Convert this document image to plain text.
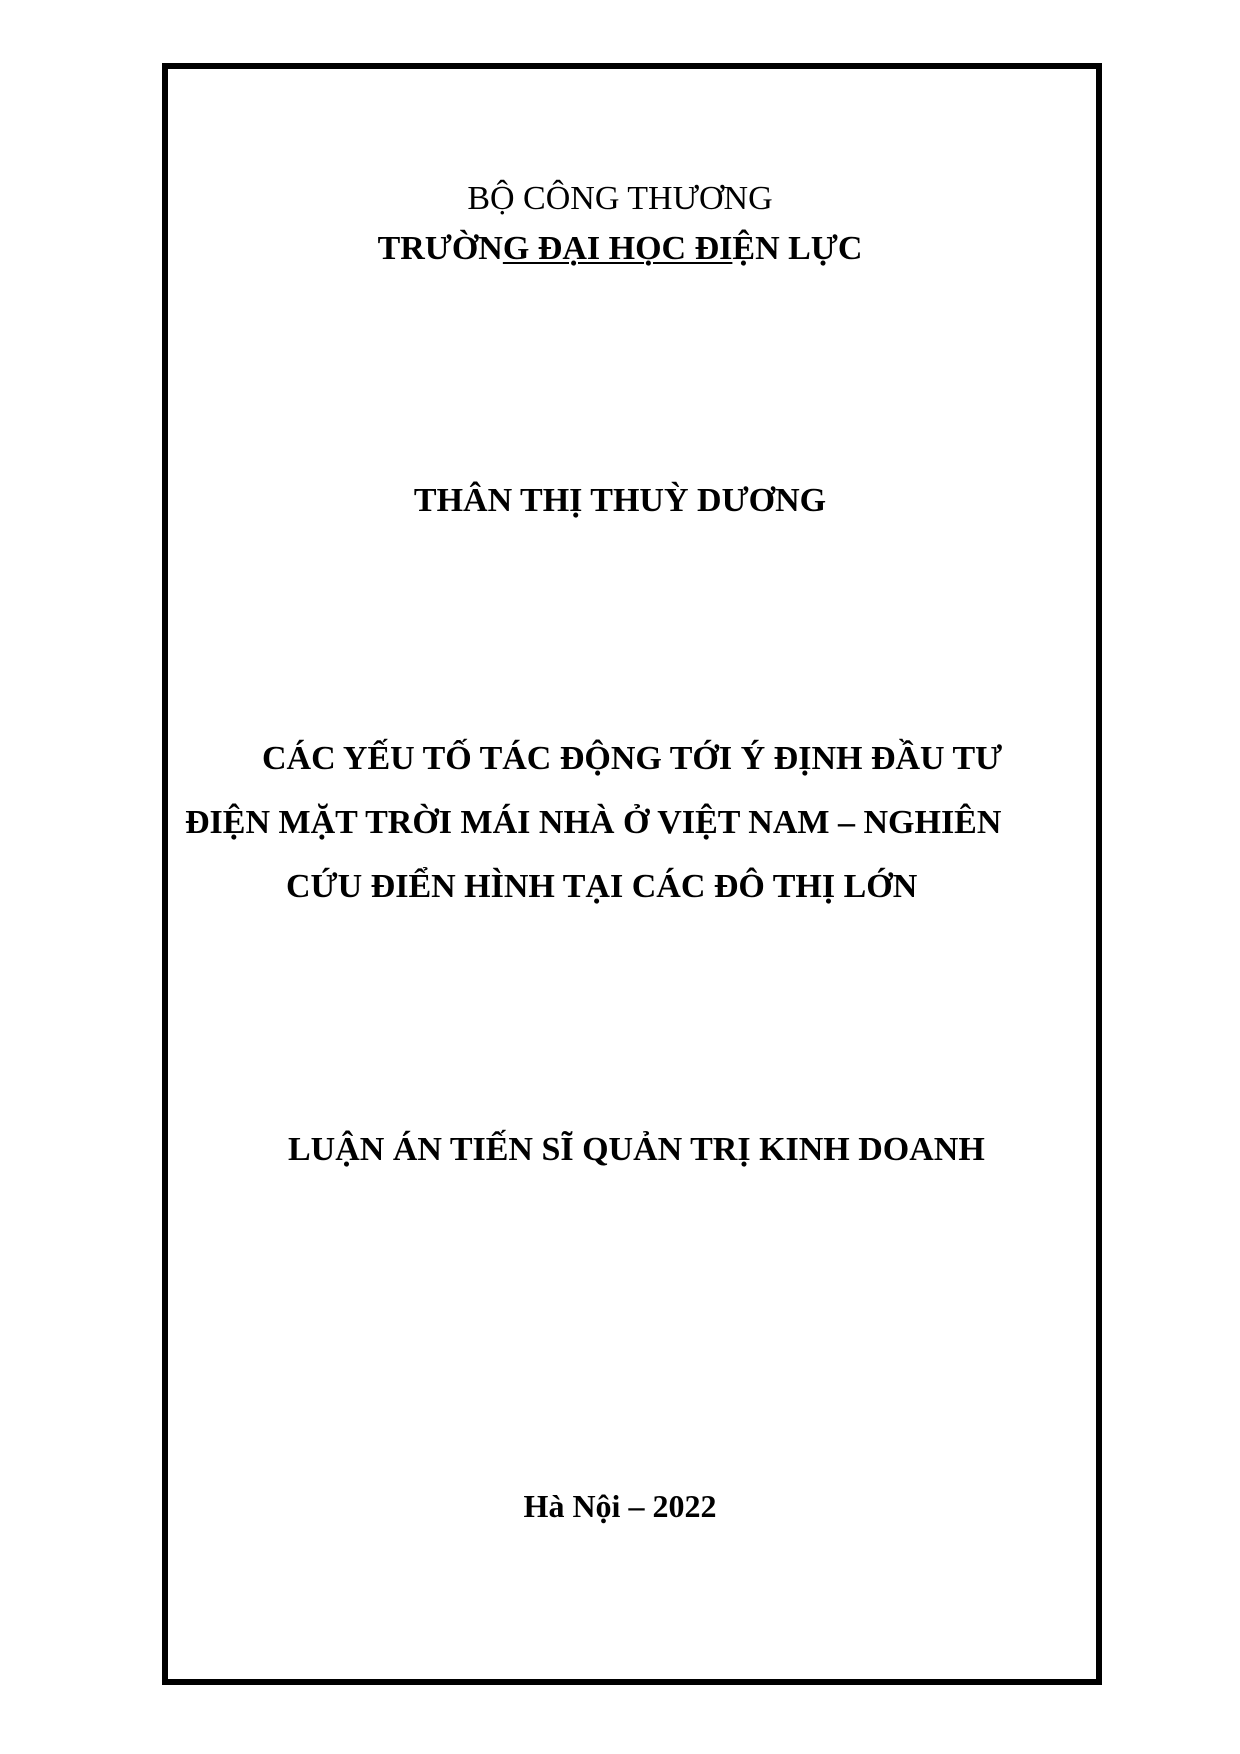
BỘ CÔNG THƯƠNG
TRƯỜNG ĐẠI HỌC ĐIỆN LỰC
THÂN THỊ THUỲ DƯƠNG
CÁC YẾU TỐ TÁC ĐỘNG TỚI Ý ĐỊNH ĐẦU TƯ
ĐIỆN MẶT TRỜI MÁI NHÀ Ở VIỆT NAM – NGHIÊN
CỨU ĐIỂN HÌNH TẠI CÁC ĐÔ THỊ LỚN
LUẬN ÁN TIẾN SĨ QUẢN TRỊ KINH DOANH
Hà Nội – 2022
